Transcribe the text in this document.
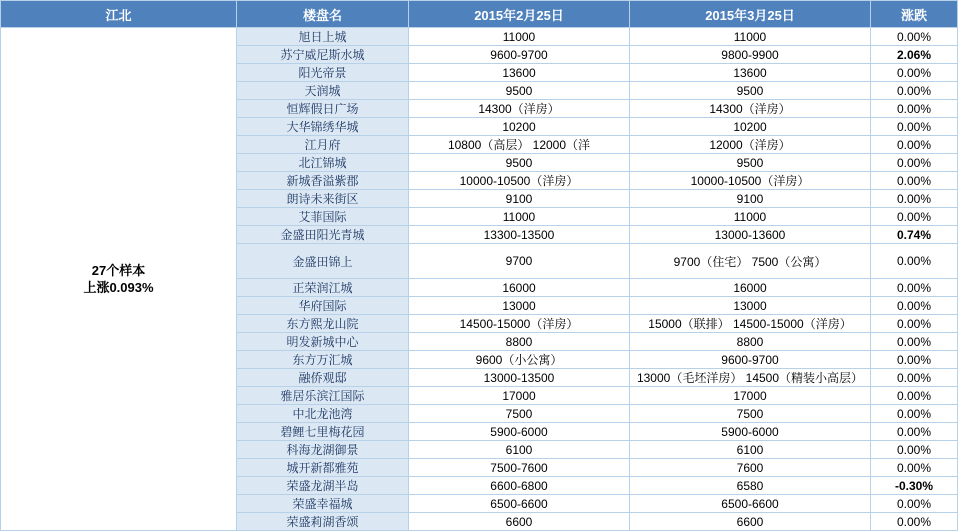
江北	楼盘名	2015年2月25日	2015年3月25日	涨跌

27个样本
上涨0.093%	旭日上城	11000	11000	0.00%
	苏宁威尼斯水城	9600-9700	9800-9900	2.06%
	阳光帝景	13600	13600	0.00%
	天润城	9500	9500	0.00%
	恒辉假日广场	14300（洋房）	14300（洋房）	0.00%
	大华锦绣华城	10200	10200	0.00%
	江月府	10800（高层） 12000（洋	12000（洋房）	0.00%
	北江锦城	9500	9500	0.00%
	新城香溢紫郡	10000-10500（洋房）	10000-10500（洋房）	0.00%
	朗诗未来街区	9100	9100	0.00%
	艾菲国际	11000	11000	0.00%
	金盛田阳光青城	13300-13500	13000-13600	0.74%
	金盛田锦上	9700	9700（住宅） 7500（公寓）	0.00%
	正荣润江城	16000	16000	0.00%
	华府国际	13000	13000	0.00%
	东方熙龙山院	14500-15000（洋房）	15000（联排） 14500-15000（洋房）	0.00%
	明发新城中心	8800	8800	0.00%
	东方万汇城	9600（小公寓）	9600-9700	0.00%
	融侨观邸	13000-13500	13000（毛坯洋房） 14500（精装小高层）	0.00%
	雅居乐滨江国际	17000	17000	0.00%
	中北龙池湾	7500	7500	0.00%
	碧鲤七里梅花园	5900-6000	5900-6000	0.00%
	科海龙湖御景	6100	6100	0.00%
	城开新都雅苑	7500-7600	7600	0.00%
	荣盛龙湖半岛	6600-6800	6580	-0.30%
	荣盛幸福城	6500-6600	6500-6600	0.00%
	荣盛莉湖香颂	6600	6600	0.00%
